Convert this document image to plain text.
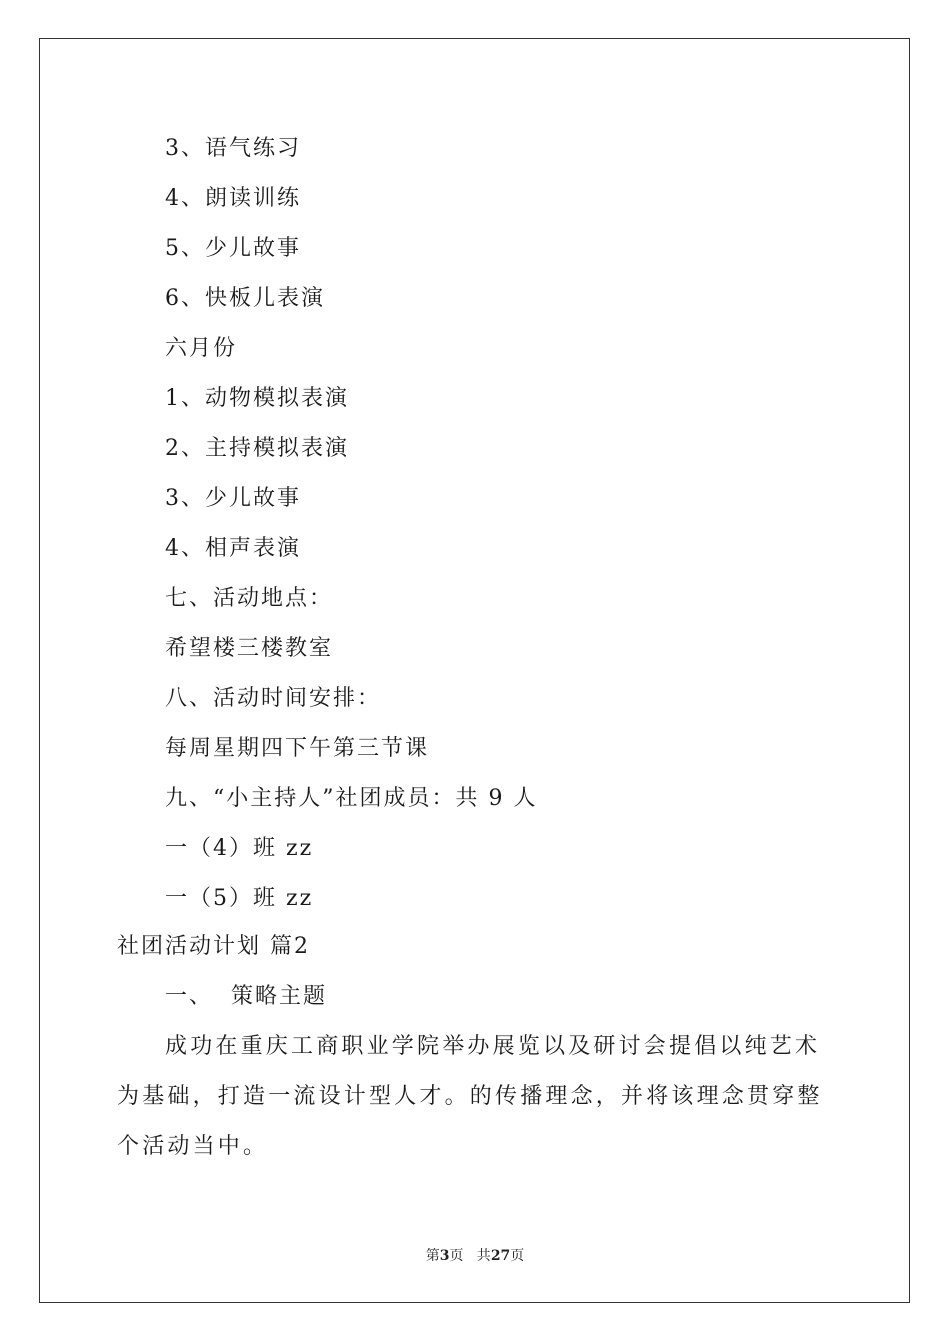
3、语气练习
4、朗读训练
5、少儿故事
6、快板儿表演
六月份
1、动物模拟表演
2、主持模拟表演
3、少儿故事
4、相声表演
七、活动地点：
希望楼三楼教室
八、活动时间安排：
每周星期四下午第三节课
九、“小主持人”社团成员：共 9 人
一（4）班 zz
一（5）班 zz
社团活动计划 篇2
一、  策略主题
成功在重庆工商职业学院举办展览以及研讨会提倡以纯艺术为基础，打造一流设计型人才。的传播理念，并将该理念贯穿整个活动当中。
第3页   共27页
